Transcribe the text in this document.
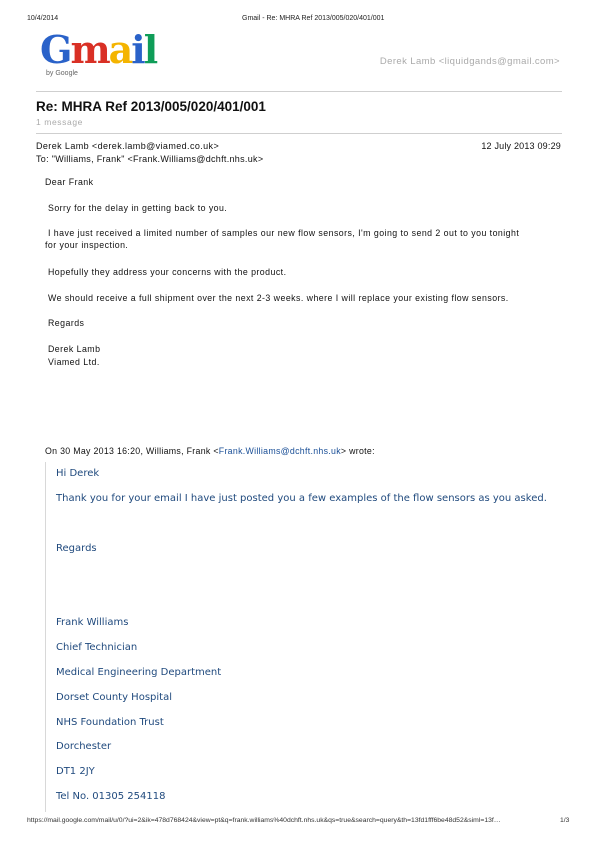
10/4/2014	Gmail - Re: MHRA Ref 2013/005/020/401/001
Gmail
by Google
Derek Lamb <liquidgands@gmail.com>
Re: MHRA Ref 2013/005/020/401/001
1 message
Derek Lamb <derek.lamb@viamed.co.uk>	12 July 2013 09:29
To: "Williams, Frank" <Frank.Williams@dchft.nhs.uk>
Dear Frank
Sorry for the delay in getting back to you.
I have just received a limited number of samples our new flow sensors, I'm going to send 2 out to you tonight
for your inspection.
Hopefully they address your concerns with the product.
We should receive a full shipment over the next 2-3 weeks. where I will replace your existing flow sensors.
Regards
Derek Lamb
Viamed Ltd.
On 30 May 2013 16:20, Williams, Frank <Frank.Williams@dchft.nhs.uk> wrote:
Hi Derek
Thank you for your email I have just posted you a few examples of the flow sensors as you asked.
Regards
Frank Williams
Chief Technician
Medical Engineering Department
Dorset County Hospital
NHS Foundation Trust
Dorchester
DT1 2JY
Tel No. 01305 254118
https://mail.google.com/mail/u/0/?ui=2&ik=478d768424&view=pt&q=frank.williams%40dchft.nhs.uk&qs=true&search=query&th=13fd1fff6be48d52&siml=13f…	1/3
